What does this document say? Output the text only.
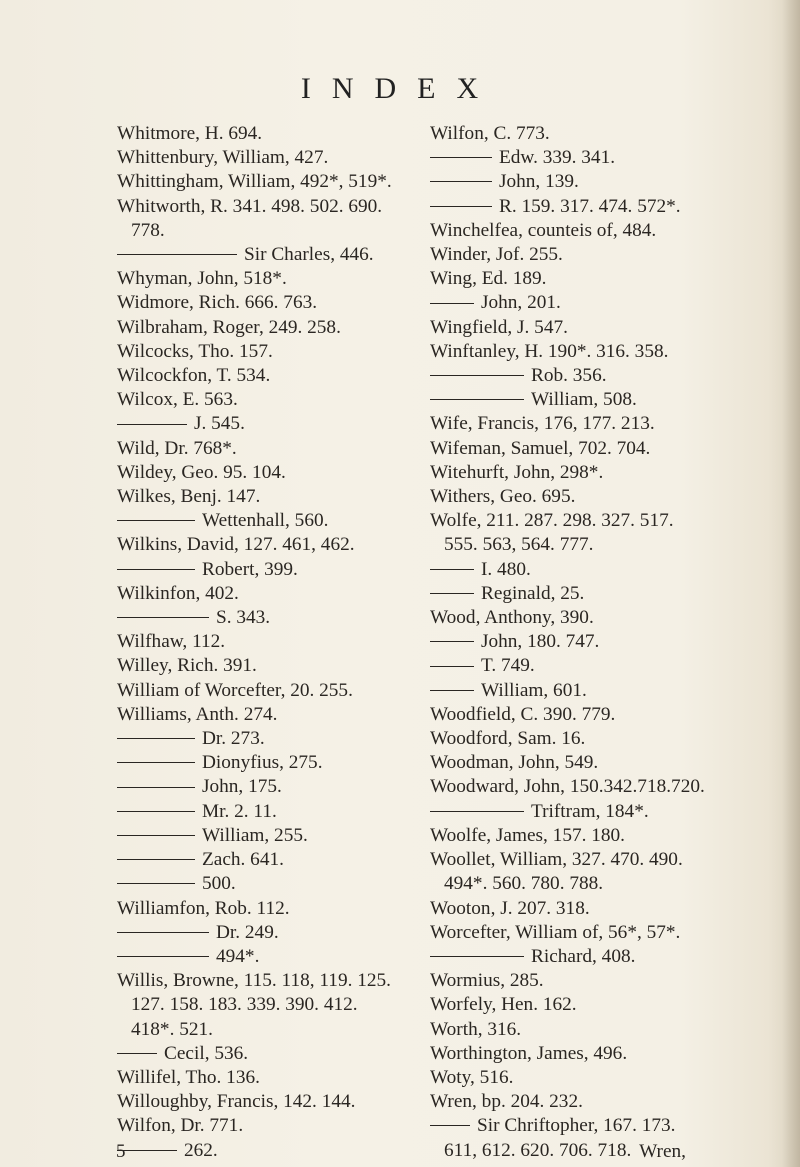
INDEX
Whitmore, H. 694.
Whittenbury, William, 427.
Whittingham, William, 492*, 519*.
Whitworth, R. 341. 498. 502. 690.
778.
Sir Charles, 446.
Whyman, John, 518*.
Widmore, Rich. 666. 763.
Wilbraham, Roger, 249. 258.
Wilcocks, Tho. 157.
Wilcockfon, T. 534.
Wilcox, E. 563.
J. 545.
Wild, Dr. 768*.
Wildey, Geo. 95. 104.
Wilkes, Benj. 147.
Wettenhall, 560.
Wilkins, David, 127. 461, 462.
Robert, 399.
Wilkinfon, 402.
S. 343.
Wilfhaw, 112.
Willey, Rich. 391.
William of Worcefter, 20. 255.
Williams, Anth. 274.
Dr. 273.
Dionyfius, 275.
John, 175.
Mr. 2. 11.
William, 255.
Zach. 641.
500.
Williamfon, Rob. 112.
Dr. 249.
494*.
Willis, Browne, 115. 118, 119. 125.
127. 158. 183. 339. 390. 412.
418*. 521.
Cecil, 536.
Willifel, Tho. 136.
Willoughby, Francis, 142. 144.
Wilfon, Dr. 771.
262.
Wilfon, C. 773.
Edw. 339. 341.
John, 139.
R. 159. 317. 474. 572*.
Winchelfea, counteis of, 484.
Winder, Jof. 255.
Wing, Ed. 189.
John, 201.
Wingfield, J. 547.
Winftanley, H. 190*. 316. 358.
Rob. 356.
William, 508.
Wife, Francis, 176, 177. 213.
Wifeman, Samuel, 702. 704.
Witehurft, John, 298*.
Withers, Geo. 695.
Wolfe, 211. 287. 298. 327. 517.
555. 563, 564. 777.
I. 480.
Reginald, 25.
Wood, Anthony, 390.
John, 180. 747.
T. 749.
William, 601.
Woodfield, C. 390. 779.
Woodford, Sam. 16.
Woodman, John, 549.
Woodward, John, 150.342.718.720.
Triftram, 184*.
Woolfe, James, 157. 180.
Woollet, William, 327. 470. 490.
494*. 560. 780. 788.
Wooton, J. 207. 318.
Worcefter, William of, 56*, 57*.
Richard, 408.
Wormius, 285.
Worfely, Hen. 162.
Worth, 316.
Worthington, James, 496.
Woty, 516.
Wren, bp. 204. 232.
Sir Chriftopher, 167. 173.
611, 612. 620. 706. 718.
5	Wren,
